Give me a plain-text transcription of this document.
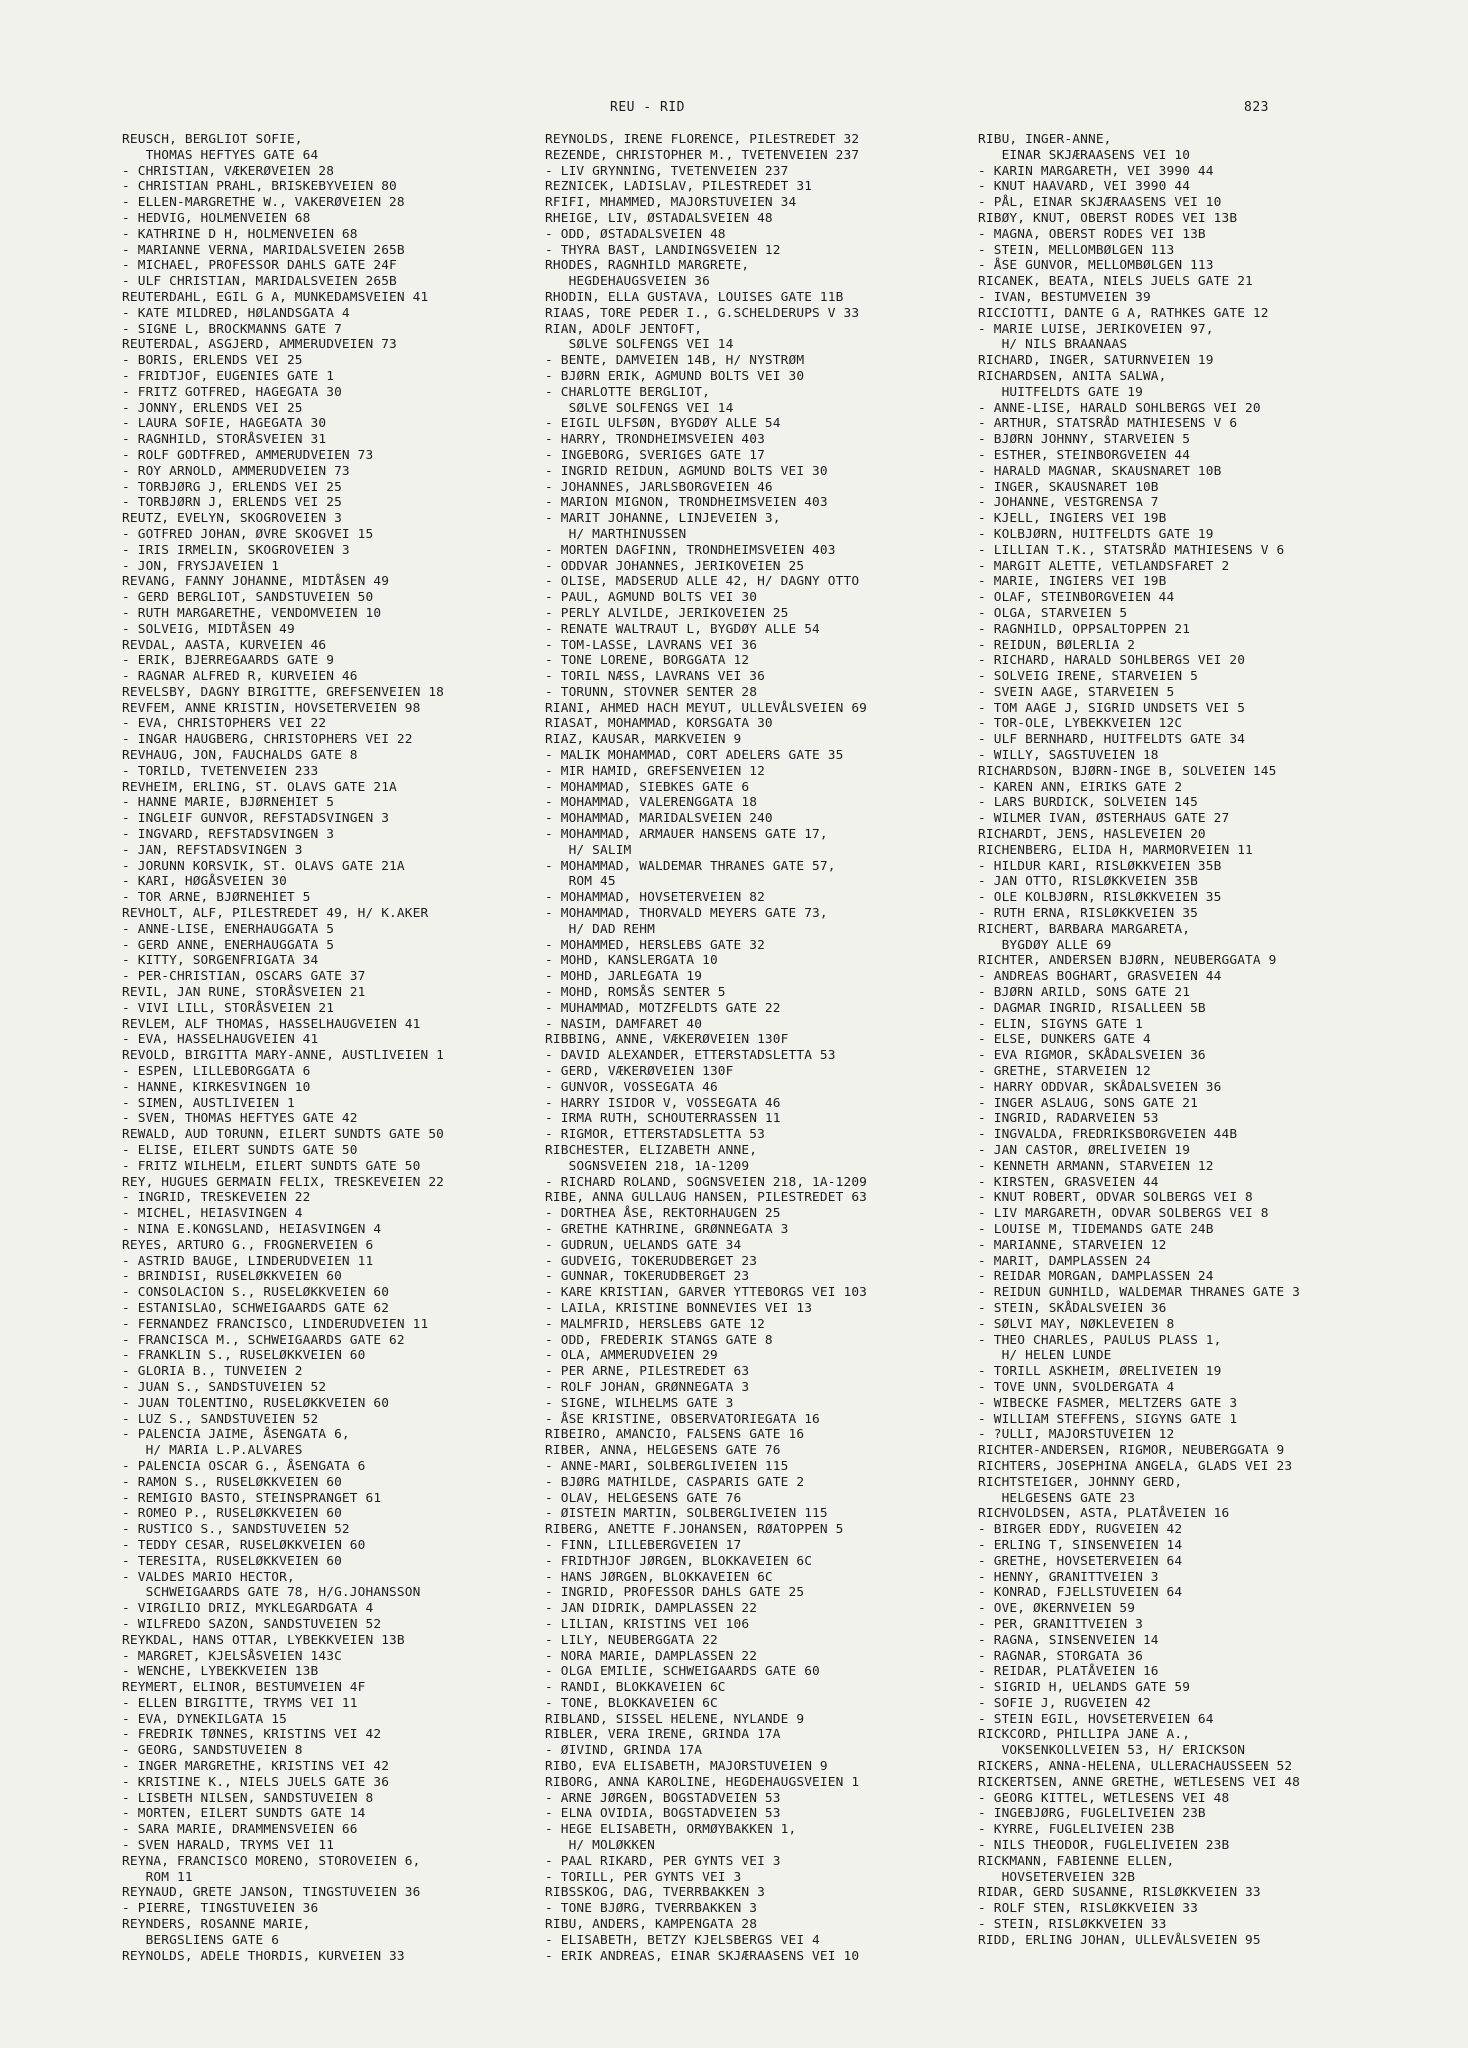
REU - RID	823
REUSCH, BERGLIOT SOFIE,
THOMAS HEFTYES GATE 64
- CHRISTIAN, VÆKERØVEIEN 28
- CHRISTIAN PRAHL, BRISKEBYVEIEN 80
- ELLEN-MARGRETHE W., VAKERØVEIEN 28
- HEDVIG, HOLMENVEIEN 68
- KATHRINE D H, HOLMENVEIEN 68
- MARIANNE VERNA, MARIDALSVEIEN 265B
- MICHAEL, PROFESSOR DAHLS GATE 24F
- ULF CHRISTIAN, MARIDALSVEIEN 265B
REUTERDAHL, EGIL G A, MUNKEDAMSVEIEN 41
- KATE MILDRED, HØLANDSGATA 4
- SIGNE L, BROCKMANNS GATE 7
REUTERDAL, ASGJERD, AMMERUDVEIEN 73
- BORIS, ERLENDS VEI 25
- FRIDTJOF, EUGENIES GATE 1
- FRITZ GOTFRED, HAGEGATA 30
- JONNY, ERLENDS VEI 25
- LAURA SOFIE, HAGEGATA 30
- RAGNHILD, STORÅSVEIEN 31
- ROLF GODTFRED, AMMERUDVEIEN 73
- ROY ARNOLD, AMMERUDVEIEN 73
- TORBJØRG J, ERLENDS VEI 25
- TORBJØRN J, ERLENDS VEI 25
REUTZ, EVELYN, SKOGROVEIEN 3
- GOTFRED JOHAN, ØVRE SKOGVEI 15
- IRIS IRMELIN, SKOGROVEIEN 3
- JON, FRYSJAVEIEN 1
REVANG, FANNY JOHANNE, MIDTÅSEN 49
- GERD BERGLIOT, SANDSTUVEIEN 50
- RUTH MARGARETHE, VENDOMVEIEN 10
- SOLVEIG, MIDTÅSEN 49
REVDAL, AASTA, KURVEIEN 46
- ERIK, BJERREGAARDS GATE 9
- RAGNAR ALFRED R, KURVEIEN 46
REVELSBY, DAGNY BIRGITTE, GREFSENVEIEN 18
REVFEM, ANNE KRISTIN, HOVSETERVEIEN 98
- EVA, CHRISTOPHERS VEI 22
- INGAR HAUGBERG, CHRISTOPHERS VEI 22
REVHAUG, JON, FAUCHALDS GATE 8
- TORILD, TVETENVEIEN 233
REVHEIM, ERLING, ST. OLAVS GATE 21A
- HANNE MARIE, BJØRNEHIET 5
- INGLEIF GUNVOR, REFSTADSVINGEN 3
- INGVARD, REFSTADSVINGEN 3
- JAN, REFSTADSVINGEN 3
- JORUNN KORSVIK, ST. OLAVS GATE 21A
- KARI, HØGÅSVEIEN 30
- TOR ARNE, BJØRNEHIET 5
REVHOLT, ALF, PILESTREDET 49, H/ K.AKER
- ANNE-LISE, ENERHAUGGATA 5
- GERD ANNE, ENERHAUGGATA 5
- KITTY, SORGENFRIGATA 34
- PER-CHRISTIAN, OSCARS GATE 37
REVIL, JAN RUNE, STORÅSVEIEN 21
- VIVI LILL, STORÅSVEIEN 21
REVLEM, ALF THOMAS, HASSELHAUGVEIEN 41
- EVA, HASSELHAUGVEIEN 41
REVOLD, BIRGITTA MARY-ANNE, AUSTLIVEIEN 1
- ESPEN, LILLEBORGGATA 6
- HANNE, KIRKESVINGEN 10
- SIMEN, AUSTLIVEIEN 1
- SVEN, THOMAS HEFTYES GATE 42
REWALD, AUD TORUNN, EILERT SUNDTS GATE 50
- ELISE, EILERT SUNDTS GATE 50
- FRITZ WILHELM, EILERT SUNDTS GATE 50
REY, HUGUES GERMAIN FELIX, TRESKEVEIEN 22
- INGRID, TRESKEVEIEN 22
- MICHEL, HEIASVINGEN 4
- NINA E.KONGSLAND, HEIASVINGEN 4
REYES, ARTURO G., FROGNERVEIEN 6
- ASTRID BAUGE, LINDERUDVEIEN 11
- BRINDISI, RUSELØKKVEIEN 60
- CONSOLACION S., RUSELØKKVEIEN 60
- ESTANISLAO, SCHWEIGAARDS GATE 62
- FERNANDEZ FRANCISCO, LINDERUDVEIEN 11
- FRANCISCA M., SCHWEIGAARDS GATE 62
- FRANKLIN S., RUSELØKKVEIEN 60
- GLORIA B., TUNVEIEN 2
- JUAN S., SANDSTUVEIEN 52
- JUAN TOLENTINO, RUSELØKKVEIEN 60
- LUZ S., SANDSTUVEIEN 52
- PALENCIA JAIME, ÅSENGATA 6,
H/ MARIA L.P.ALVARES
- PALENCIA OSCAR G., ÅSENGATA 6
- RAMON S., RUSELØKKVEIEN 60
- REMIGIO BASTO, STEINSPRANGET 61
- ROMEO P., RUSELØKKVEIEN 60
- RUSTICO S., SANDSTUVEIEN 52
- TEDDY CESAR, RUSELØKKVEIEN 60
- TERESITA, RUSELØKKVEIEN 60
- VALDES MARIO HECTOR,
SCHWEIGAARDS GATE 78, H/G.JOHANSSON
- VIRGILIO DRIZ, MYKLEGARDGATA 4
- WILFREDO SAZON, SANDSTUVEIEN 52
REYKDAL, HANS OTTAR, LYBEKKVEIEN 13B
- MARGRET, KJELSÅSVEIEN 143C
- WENCHE, LYBEKKVEIEN 13B
REYMERT, ELINOR, BESTUMVEIEN 4F
- ELLEN BIRGITTE, TRYMS VEI 11
- EVA, DYNEKILGATA 15
- FREDRIK TØNNES, KRISTINS VEI 42
- GEORG, SANDSTUVEIEN 8
- INGER MARGRETHE, KRISTINS VEI 42
- KRISTINE K., NIELS JUELS GATE 36
- LISBETH NILSEN, SANDSTUVEIEN 8
- MORTEN, EILERT SUNDTS GATE 14
- SARA MARIE, DRAMMENSVEIEN 66
- SVEN HARALD, TRYMS VEI 11
REYNA, FRANCISCO MORENO, STOROVEIEN 6,
ROM 11
REYNAUD, GRETE JANSON, TINGSTUVEIEN 36
- PIERRE, TINGSTUVEIEN 36
REYNDERS, ROSANNE MARIE,
BERGSLIENS GATE 6
REYNOLDS, ADELE THORDIS, KURVEIEN 33
REYNOLDS, IRENE FLORENCE, PILESTREDET 32
REZENDE, CHRISTOPHER M., TVETENVEIEN 237
- LIV GRYNNING, TVETENVEIEN 237
REZNICEK, LADISLAV, PILESTREDET 31
RFIFI, MHAMMED, MAJORSTUVEIEN 34
RHEIGE, LIV, ØSTADALSVEIEN 48
- ODD, ØSTADALSVEIEN 48
- THYRA BAST, LANDINGSVEIEN 12
RHODES, RAGNHILD MARGRETE,
HEGDEHAUGSVEIEN 36
RHODIN, ELLA GUSTAVA, LOUISES GATE 11B
RIAAS, TORE PEDER I., G.SCHELDERUPS V 33
RIAN, ADOLF JENTOFT,
SØLVE SOLFENGS VEI 14
- BENTE, DAMVEIEN 14B, H/ NYSTRØM
- BJØRN ERIK, AGMUND BOLTS VEI 30
- CHARLOTTE BERGLIOT,
SØLVE SOLFENGS VEI 14
- EIGIL ULFSØN, BYGDØY ALLE 54
- HARRY, TRONDHEIMSVEIEN 403
- INGEBORG, SVERIGES GATE 17
- INGRID REIDUN, AGMUND BOLTS VEI 30
- JOHANNES, JARLSBORGVEIEN 46
- MARION MIGNON, TRONDHEIMSVEIEN 403
- MARIT JOHANNE, LINJEVEIEN 3,
H/ MARTHINUSSEN
- MORTEN DAGFINN, TRONDHEIMSVEIEN 403
- ODDVAR JOHANNES, JERIKOVEIEN 25
- OLISE, MADSERUD ALLE 42, H/ DAGNY OTTO
- PAUL, AGMUND BOLTS VEI 30
- PERLY ALVILDE, JERIKOVEIEN 25
- RENATE WALTRAUT L, BYGDØY ALLE 54
- TOM-LASSE, LAVRANS VEI 36
- TONE LORENE, BORGGATA 12
- TORIL NÆSS, LAVRANS VEI 36
- TORUNN, STOVNER SENTER 28
RIANI, AHMED HACH MEYUT, ULLEVÅLSVEIEN 69
RIASAT, MOHAMMAD, KORSGATA 30
RIAZ, KAUSAR, MARKVEIEN 9
- MALIK MOHAMMAD, CORT ADELERS GATE 35
- MIR HAMID, GREFSENVEIEN 12
- MOHAMMAD, SIEBKES GATE 6
- MOHAMMAD, VALERENGGATA 18
- MOHAMMAD, MARIDALSVEIEN 240
- MOHAMMAD, ARMAUER HANSENS GATE 17,
H/ SALIM
- MOHAMMAD, WALDEMAR THRANES GATE 57,
ROM 45
- MOHAMMAD, HOVSETERVEIEN 82
- MOHAMMAD, THORVALD MEYERS GATE 73,
H/ DAD REHM
- MOHAMMED, HERSLEBS GATE 32
- MOHD, KANSLERGATA 10
- MOHD, JARLEGATA 19
- MOHD, ROMSÅS SENTER 5
- MUHAMMAD, MOTZFELDTS GATE 22
- NASIM, DAMFARET 40
RIBBING, ANNE, VÆKERØVEIEN 130F
- DAVID ALEXANDER, ETTERSTADSLETTA 53
- GERD, VÆKERØVEIEN 130F
- GUNVOR, VOSSEGATA 46
- HARRY ISIDOR V, VOSSEGATA 46
- IRMA RUTH, SCHOUTERRASSEN 11
- RIGMOR, ETTERSTADSLETTA 53
RIBCHESTER, ELIZABETH ANNE,
SOGNSVEIEN 218, 1A-1209
- RICHARD ROLAND, SOGNSVEIEN 218, 1A-1209
RIBE, ANNA GULLAUG HANSEN, PILESTREDET 63
- DORTHEA ÅSE, REKTORHAUGEN 25
- GRETHE KATHRINE, GRØNNEGATA 3
- GUDRUN, UELANDS GATE 34
- GUDVEIG, TOKERUDBERGET 23
- GUNNAR, TOKERUDBERGET 23
- KARE KRISTIAN, GARVER YTTEBORGS VEI 103
- LAILA, KRISTINE BONNEVIES VEI 13
- MALMFRID, HERSLEBS GATE 12
- ODD, FREDERIK STANGS GATE 8
- OLA, AMMERUDVEIEN 29
- PER ARNE, PILESTREDET 63
- ROLF JOHAN, GRØNNEGATA 3
- SIGNE, WILHELMS GATE 3
- ÅSE KRISTINE, OBSERVATORIEGATA 16
RIBEIRO, AMANCIO, FALSENS GATE 16
RIBER, ANNA, HELGESENS GATE 76
- ANNE-MARI, SOLBERGLIVEIEN 115
- BJØRG MATHILDE, CASPARIS GATE 2
- OLAV, HELGESENS GATE 76
- ØISTEIN MARTIN, SOLBERGLIVEIEN 115
RIBERG, ANETTE F.JOHANSEN, RØATOPPEN 5
- FINN, LILLEBERGVEIEN 17
- FRIDTHJOF JØRGEN, BLOKKAVEIEN 6C
- HANS JØRGEN, BLOKKAVEIEN 6C
- INGRID, PROFESSOR DAHLS GATE 25
- JAN DIDRIK, DAMPLASSEN 22
- LILIAN, KRISTINS VEI 106
- LILY, NEUBERGGATA 22
- NORA MARIE, DAMPLASSEN 22
- OLGA EMILIE, SCHWEIGAARDS GATE 60
- RANDI, BLOKKAVEIEN 6C
- TONE, BLOKKAVEIEN 6C
RIBLAND, SISSEL HELENE, NYLANDE 9
RIBLER, VERA IRENE, GRINDA 17A
- ØIVIND, GRINDA 17A
RIBO, EVA ELISABETH, MAJORSTUVEIEN 9
RIBORG, ANNA KAROLINE, HEGDEHAUGSVEIEN 1
- ARNE JØRGEN, BOGSTADVEIEN 53
- ELNA OVIDIA, BOGSTADVEIEN 53
- HEGE ELISABETH, ORMØYBAKKEN 1,
H/ MOLØKKEN
- PAAL RIKARD, PER GYNTS VEI 3
- TORILL, PER GYNTS VEI 3
RIBSSKOG, DAG, TVERRBAKKEN 3
- TONE BJØRG, TVERRBAKKEN 3
RIBU, ANDERS, KAMPENGATA 28
- ELISABETH, BETZY KJELSBERGS VEI 4
- ERIK ANDREAS, EINAR SKJÆRAASENS VEI 10
RIBU, INGER-ANNE,
EINAR SKJÆRAASENS VEI 10
- KARIN MARGARETH, VEI 3990 44
- KNUT HAAVARD, VEI 3990 44
- PÅL, EINAR SKJÆRAASENS VEI 10
RIBØY, KNUT, OBERST RODES VEI 13B
- MAGNA, OBERST RODES VEI 13B
- STEIN, MELLOMBØLGEN 113
- ÅSE GUNVOR, MELLOMBØLGEN 113
RICANEK, BEATA, NIELS JUELS GATE 21
- IVAN, BESTUMVEIEN 39
RICCIOTTI, DANTE G A, RATHKES GATE 12
- MARIE LUISE, JERIKOVEIEN 97,
H/ NILS BRAANAAS
RICHARD, INGER, SATURNVEIEN 19
RICHARDSEN, ANITA SALWA,
HUITFELDTS GATE 19
- ANNE-LISE, HARALD SOHLBERGS VEI 20
- ARTHUR, STATSRÅD MATHIESENS V 6
- BJØRN JOHNNY, STARVEIEN 5
- ESTHER, STEINBORGVEIEN 44
- HARALD MAGNAR, SKAUSNARET 10B
- INGER, SKAUSNARET 10B
- JOHANNE, VESTGRENSA 7
- KJELL, INGIERS VEI 19B
- KOLBJØRN, HUITFELDTS GATE 19
- LILLIAN T.K., STATSRÅD MATHIESENS V 6
- MARGIT ALETTE, VETLANDSFARET 2
- MARIE, INGIERS VEI 19B
- OLAF, STEINBORGVEIEN 44
- OLGA, STARVEIEN 5
- RAGNHILD, OPPSALTOPPEN 21
- REIDUN, BØLERLIA 2
- RICHARD, HARALD SOHLBERGS VEI 20
- SOLVEIG IRENE, STARVEIEN 5
- SVEIN AAGE, STARVEIEN 5
- TOM AAGE J, SIGRID UNDSETS VEI 5
- TOR-OLE, LYBEKKVEIEN 12C
- ULF BERNHARD, HUITFELDTS GATE 34
- WILLY, SAGSTUVEIEN 18
RICHARDSON, BJØRN-INGE B, SOLVEIEN 145
- KAREN ANN, EIRIKS GATE 2
- LARS BURDICK, SOLVEIEN 145
- WILMER IVAN, ØSTERHAUS GATE 27
RICHARDT, JENS, HASLEVEIEN 20
RICHENBERG, ELIDA H, MARMORVEIEN 11
- HILDUR KARI, RISLØKKVEIEN 35B
- JAN OTTO, RISLØKKVEIEN 35B
- OLE KOLBJØRN, RISLØKKVEIEN 35
- RUTH ERNA, RISLØKKVEIEN 35
RICHERT, BARBARA MARGARETA,
BYGDØY ALLE 69
RICHTER, ANDERSEN BJØRN, NEUBERGGATA 9
- ANDREAS BOGHART, GRASVEIEN 44
- BJØRN ARILD, SONS GATE 21
- DAGMAR INGRID, RISALLEEN 5B
- ELIN, SIGYNS GATE 1
- ELSE, DUNKERS GATE 4
- EVA RIGMOR, SKÅDALSVEIEN 36
- GRETHE, STARVEIEN 12
- HARRY ODDVAR, SKÅDALSVEIEN 36
- INGER ASLAUG, SONS GATE 21
- INGRID, RADARVEIEN 53
- INGVALDA, FREDRIKSBORGVEIEN 44B
- JAN CASTOR, ØRELIVEIEN 19
- KENNETH ARMANN, STARVEIEN 12
- KIRSTEN, GRASVEIEN 44
- KNUT ROBERT, ODVAR SOLBERGS VEI 8
- LIV MARGARETH, ODVAR SOLBERGS VEI 8
- LOUISE M, TIDEMANDS GATE 24B
- MARIANNE, STARVEIEN 12
- MARIT, DAMPLASSEN 24
- REIDAR MORGAN, DAMPLASSEN 24
- REIDUN GUNHILD, WALDEMAR THRANES GATE 3
- STEIN, SKÅDALSVEIEN 36
- SØLVI MAY, NØKLEVEIEN 8
- THEO CHARLES, PAULUS PLASS 1,
H/ HELEN LUNDE
- TORILL ASKHEIM, ØRELIVEIEN 19
- TOVE UNN, SVOLDERGATA 4
- WIBECKE FASMER, MELTZERS GATE 3
- WILLIAM STEFFENS, SIGYNS GATE 1
- ?ULLI, MAJORSTUVEIEN 12
RICHTER-ANDERSEN, RIGMOR, NEUBERGGATA 9
RICHTERS, JOSEPHINA ANGELA, GLADS VEI 23
RICHTSTEIGER, JOHNNY GERD,
HELGESENS GATE 23
RICHVOLDSEN, ASTA, PLATÅVEIEN 16
- BIRGER EDDY, RUGVEIEN 42
- ERLING T, SINSENVEIEN 14
- GRETHE, HOVSETERVEIEN 64
- HENNY, GRANITTVEIEN 3
- KONRAD, FJELLSTUVEIEN 64
- OVE, ØKERNVEIEN 59
- PER, GRANITTVEIEN 3
- RAGNA, SINSENVEIEN 14
- RAGNAR, STORGATA 36
- REIDAR, PLATÅVEIEN 16
- SIGRID H, UELANDS GATE 59
- SOFIE J, RUGVEIEN 42
- STEIN EGIL, HOVSETERVEIEN 64
RICKCORD, PHILLIPA JANE A.,
VOKSENKOLLVEIEN 53, H/ ERICKSON
RICKERS, ANNA-HELENA, ULLERACHAUSSEEN 52
RICKERTSEN, ANNE GRETHE, WETLESENS VEI 48
- GEORG KITTEL, WETLESENS VEI 48
- INGEBJØRG, FUGLELIVEIEN 23B
- KYRRE, FUGLELIVEIEN 23B
- NILS THEODOR, FUGLELIVEIEN 23B
RICKMANN, FABIENNE ELLEN,
HOVSETERVEIEN 32B
RIDAR, GERD SUSANNE, RISLØKKVEIEN 33
- ROLF STEN, RISLØKKVEIEN 33
- STEIN, RISLØKKVEIEN 33
RIDD, ERLING JOHAN, ULLEVÅLSVEIEN 95
